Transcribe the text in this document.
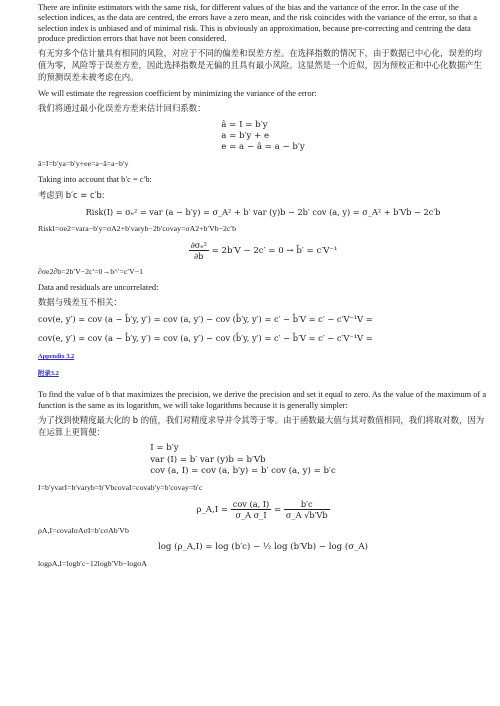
There are infinite estimators with the same risk, for different values of the bias and the variance of the error. In the case of the selection indices, as the data are centred, the errors have a zero mean, and the risk coincides with the variance of the error, so that a selection index is unbiased and of minimal risk. This is obviously an approximation, because pre-correcting and centring the data produce prediction errors that have not been considered.

有无穷多个估计量具有相同的风险，对应于不同的偏差和误差方差。在选择指数的情况下，由于数据已中心化，误差的均值为零，风险等于误差方差，因此选择指数是无偏的且具有最小风险。这显然是一个近似，因为预校正和中心化数据产生的预测误差未被考虑在内。

We will estimate the regression coefficient by minimizing the variance of the error:

我们将通过最小化误差方差来估计回归系数：

â = I = b′y
a = b′y + e
e = a − â = a − b′y

â=I=b′ya=b′y+ee=a−â=a−b′y

Taking into account that b′c = c′b:

考虑到 b′c = c′b:

Risk(I) = σₑ² = var (a − b′y) = σ_A² + b′ var (y)b − 2b′ cov (a, y) = σ_A² + b′Vb − 2c′b

RiskI=σe2=vara−b′y=σA2+b′varyb−2b′covay=σA2+b′Vb−2c′b

$\frac{\text{∂σₑ²}}{\partial b} = 2b'V - 2c' = 0$ → b̂′ = c′V⁻¹

∂σe2∂b=2b′V−2c′=0→b^′=c′V−1

Data and residuals are uncorrelated:

数据与残差互不相关：

cov(e, y′) = cov (a − b̂′y, y′) = cov (a, y′) − cov (b̂′y, y′) = c′ − b̂′V = c′ − c′V⁻¹V =
cov(e, y′) = cov (a − b̂′y, y′) = cov (a, y′) − cov (b̂′y, y′) = c′ − b̂′V = c′ − c′V⁻¹V =
Appendix 3.2
附录3.2

To find the value of b that maximizes the precision, we derive the precision and set it equal to zero. As the value of the maximum of a function is the same as its logarithm, we will take logarithms because it is generally simpler:

为了找到使精度最大化的 b 的值，我们对精度求导并令其等于零。由于函数最大值与其对数值相同，我们将取对数，因为在运算上更简便：

I = b′y
var (I) = b′ var (y)b = b′Vb
cov (a, I) = cov (a, b′y) = b′ cov (a, y) = b′c

I=b′yvarI=b′varyb=b′VbcovaI=covab′y=b′covay=b′c

ρ_A,I = $\frac{\text{cov (a, I)}}{\text{σ\_A σ\_I}} = \frac{b'c}{\sigma\_A √b'Vb}$

ρA,I=covaIσAσI=b′cσAb′Vb

log (ρ_A,I) = log (b′c) − ½ log (b′Vb) − log (σ_A)

logρA,I=logb′c−12logb′Vb−logσA
